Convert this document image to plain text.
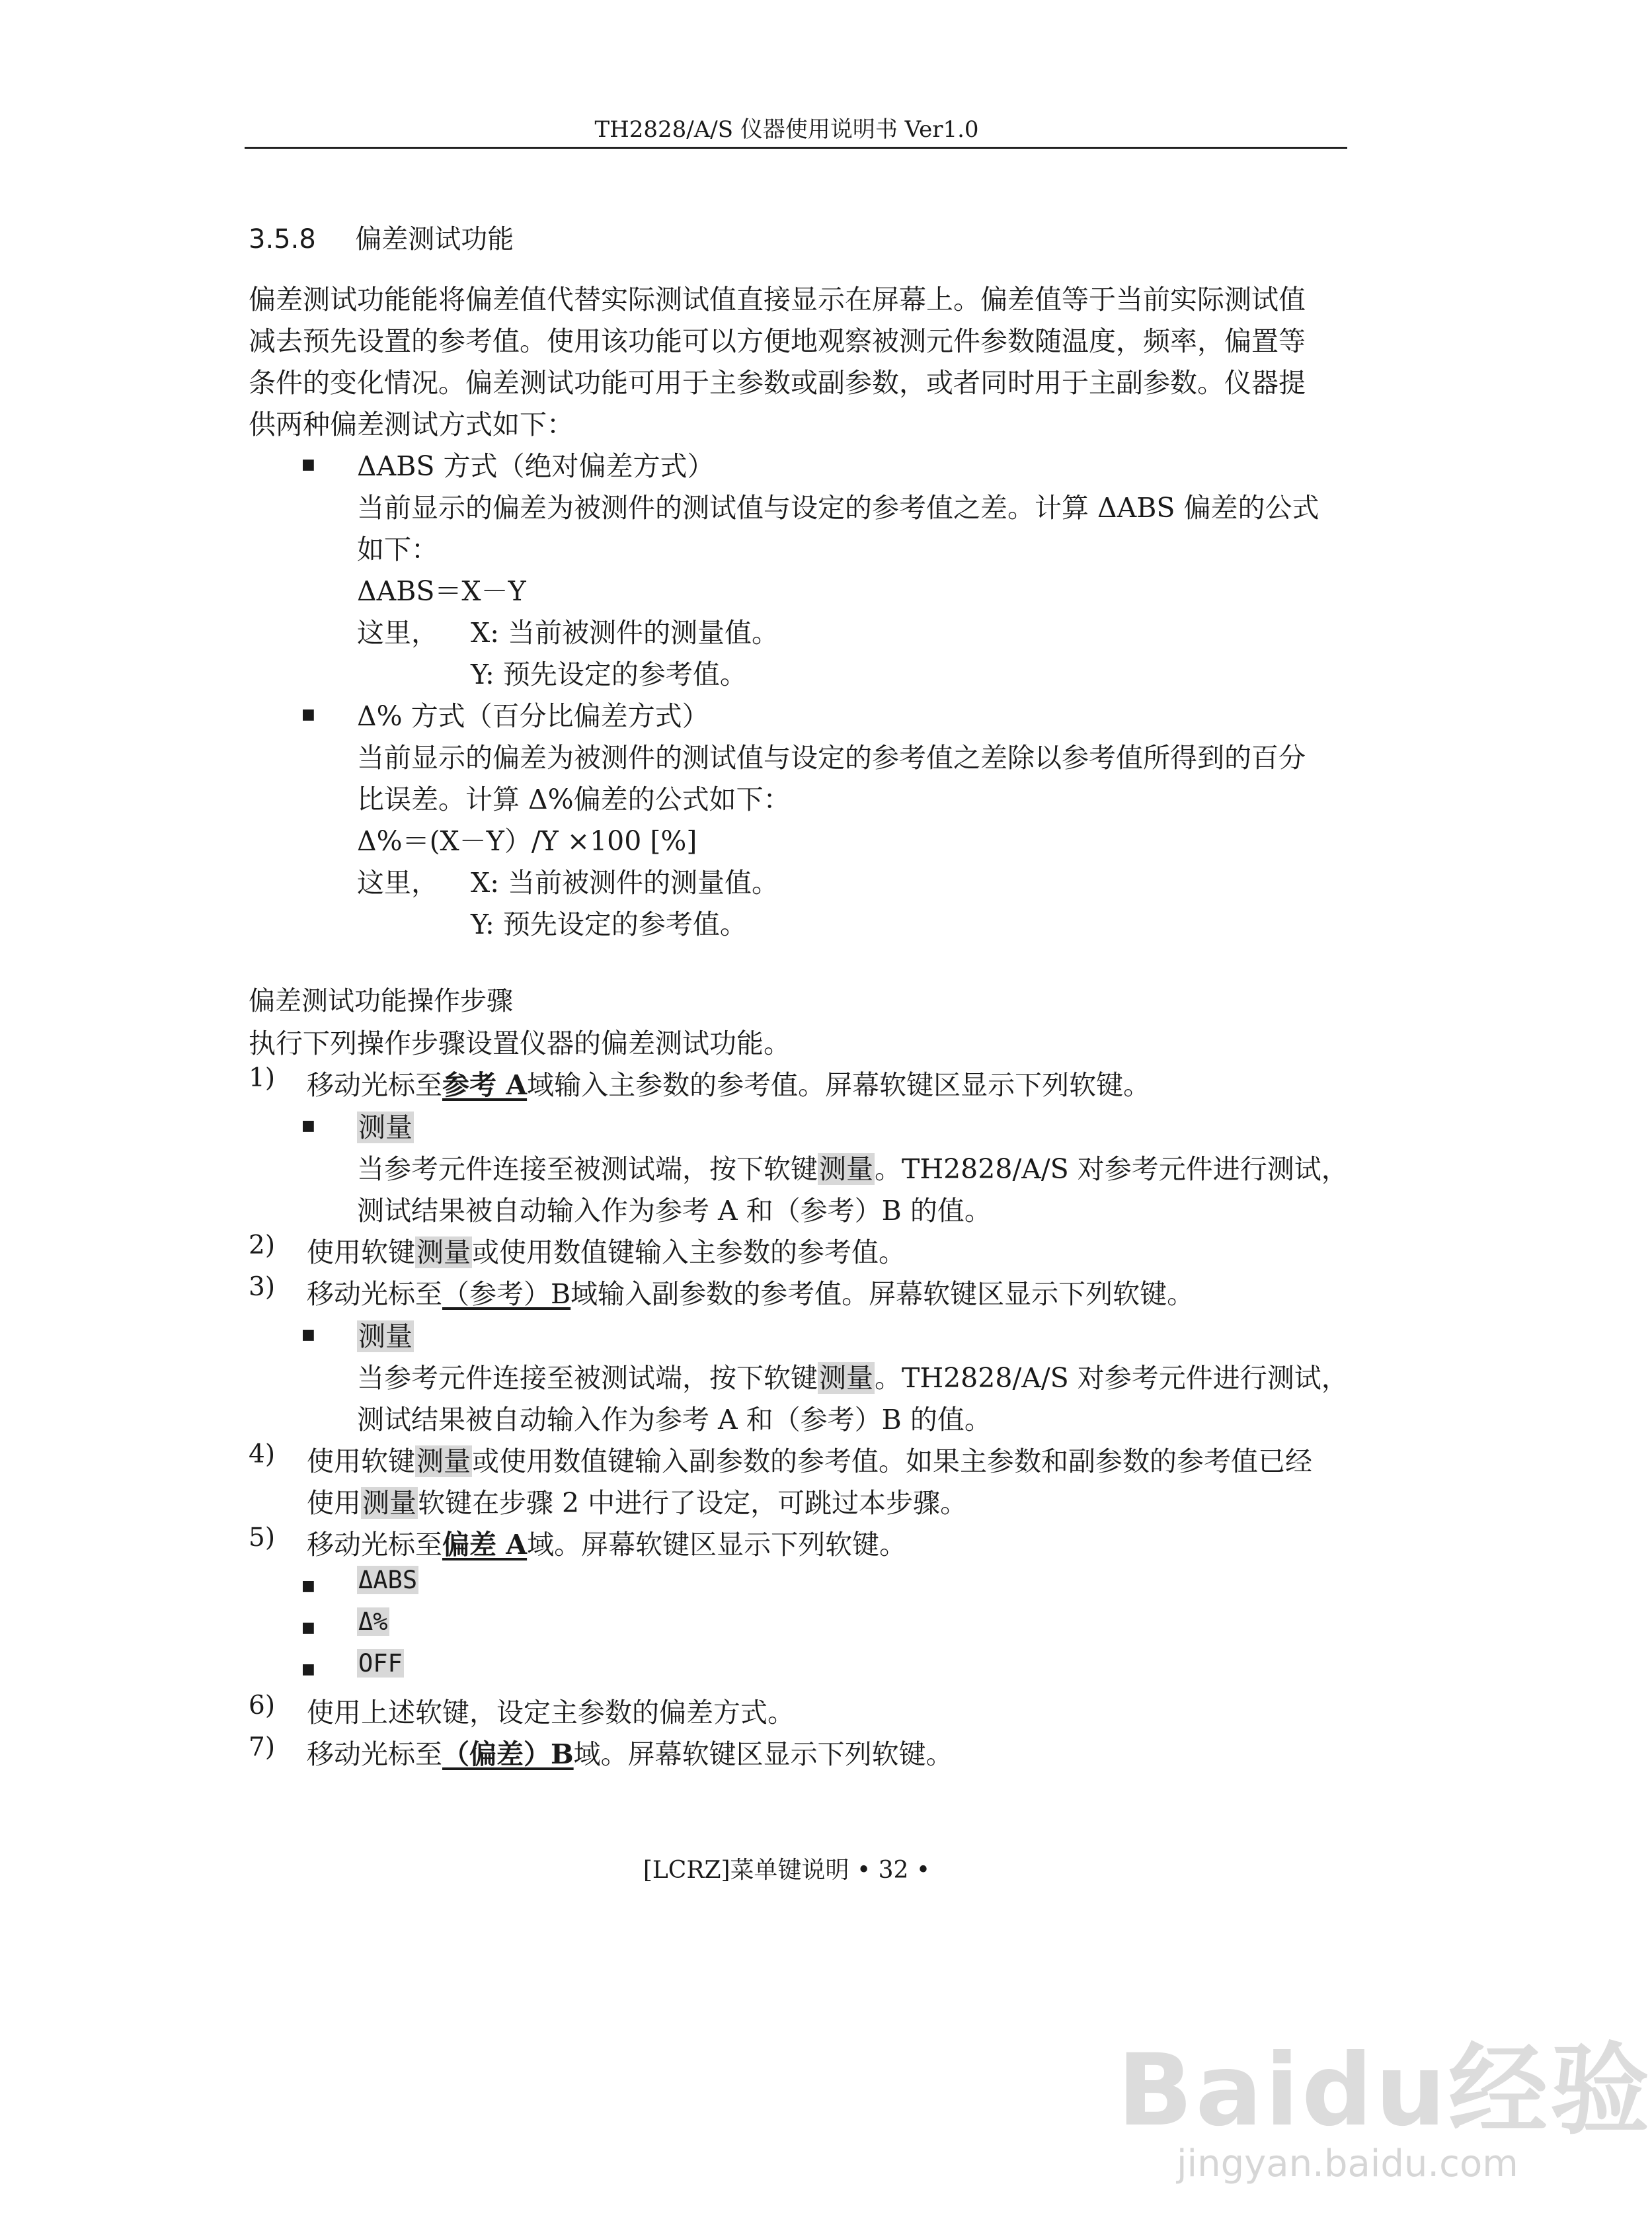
TH2828/A/S 仪器使用说明书 Ver1.0
3.5.8 偏差测试功能
偏差测试功能能将偏差值代替实际测试值直接显示在屏幕上。偏差值等于当前实际测试值
减去预先设置的参考值。使用该功能可以方便地观察被测元件参数随温度，频率，偏置等
条件的变化情况。偏差测试功能可用于主参数或副参数，或者同时用于主副参数。仪器提
供两种偏差测试方式如下：
■ ΔABS 方式（绝对偏差方式）
当前显示的偏差为被测件的测试值与设定的参考值之差。计算 ΔABS 偏差的公式
如下：
ΔABS＝X－Y
这里， X: 当前被测件的测量值。
Y: 预先设定的参考值。
■ Δ% 方式（百分比偏差方式）
当前显示的偏差为被测件的测试值与设定的参考值之差除以参考值所得到的百分
比误差。计算 Δ%偏差的公式如下：
Δ%＝(X－Y）/Y ×100 [%]
这里， X: 当前被测件的测量值。
Y: 预先设定的参考值。
偏差测试功能操作步骤
执行下列操作步骤设置仪器的偏差测试功能。
1) 移动光标至参考 A域输入主参数的参考值。屏幕软键区显示下列软键。
■ 测量
当参考元件连接至被测试端，按下软键测量。TH2828/A/S 对参考元件进行测试，
测试结果被自动输入作为参考 A 和（参考）B 的值。
2) 使用软键测量或使用数值键输入主参数的参考值。
3) 移动光标至（参考）B域输入副参数的参考值。屏幕软键区显示下列软键。
■ 测量
当参考元件连接至被测试端，按下软键测量。TH2828/A/S 对参考元件进行测试，
测试结果被自动输入作为参考 A 和（参考）B 的值。
4) 使用软键测量或使用数值键输入副参数的参考值。如果主参数和副参数的参考值已经
使用测量软键在步骤 2 中进行了设定，可跳过本步骤。
5) 移动光标至偏差 A域。屏幕软键区显示下列软键。
■ ΔABS
■ Δ%
■ OFF
6) 使用上述软键，设定主参数的偏差方式。
7) 移动光标至（偏差）B域。屏幕软键区显示下列软键。
[LCRZ]菜单键说明 • 32 •
Baidu经验
jingyan.baidu.com
